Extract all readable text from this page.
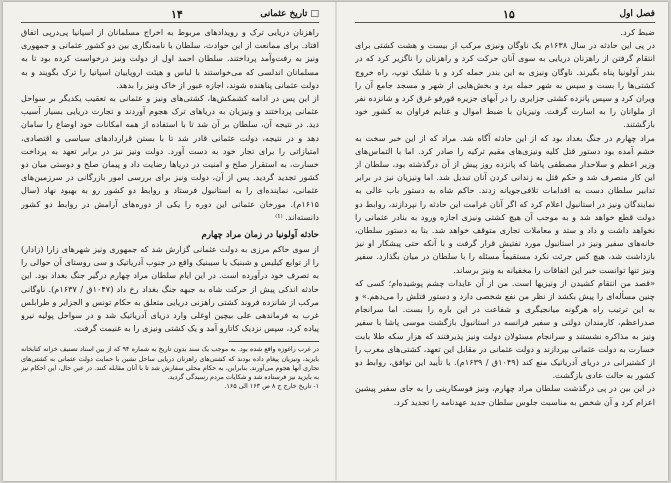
۱۴	□ تاریخ عثمانی

راهزنان دریایی ترک و رویدادهای مربوط به اخراج مسلمانان از اسپانیا پی‌در‌پی اتفاق افتاد. برای ممانعت از این حوادث، سلطان با نامه‌نگاری بین دو کشور عثمانی و جمهوری ونیز به رفت‌وآمد پرداختند. سلطان احمد اول از دولت ونیز درخواست کرده بود تا به مسلمانان اندلسی که می‌خواستند با لباس و هیئت اروپاییان اسپانیا را ترک بگویند و به دولت عثمانی پناهنده شوند، اجازه عبور از خاک ونیز را بدهد.

از این پس در ادامه کشمکش‌ها، کشتی‌های ونیز و عثمانی به تعقیب یکدیگر بر سواحل عثمانی پرداختند و ونیزیان به دریاهای ترک هجوم آوردند و تجارت دریایی بسیار آسیب دید. در نتیجه آن، سلطان بر آن شد تا با استفاده از همه امکانات خود اوضاع را سامان دهد و در نتیجه، دولت عثمانی قادر شد تا با بستن قراردادهای سیاسی و اقتصادی، امتیازاتی را برای تجار خود به دست آورد. دولت ونیز نیز در برابر تعهد به پرداخت خسارت، به استقرار صلح و امنیت در دریاها رضایت داد و پیمان صلح و دوستی میان دو کشور تجدید گردید. پس از آن، دولت ونیز برای بررسی امور بازرگانی در سرزمین‌های عثمانی، نماینده‌ای را به استانبول فرستاد و روابط دو کشور رو به بهبود نهاد (سال ۱۶۱۵م). مورخان عثمانی این دوره را یکی از دوره‌های آرامش در روابط دو کشور دانسته‌اند. ⁽¹⁾

حادثه آولونیا در زمان مراد چهارم

از سوی حاکم مرزی به دولت عثمانی گزارش شد که جمهوری ونیز شهرهای زارا (زادار) را از توابع کیلیس و شبنیک یا سیبنیک واقع در جنوب آدریاتیک و سی روستای آن حوالی را به تصرف خود درآورده است. در این ایام سلطان مراد چهارم درگیر جنگ بغداد بود. این حادثه اندکی پیش از حرکت شاه به جبهه جنگ بغداد رخ داد (۱۰۴۷ق / ۱۶۳۷م). ناوگانی مرکب از شانزده فروند کشتی راهزنی دریایی متعلق به حکام تونس و الجزایر و طرابلس غرب به فرماندهی علی بیچین اوغلی وارد دریای آدریاتیک شد و در سواحل پولیه نیرو پیاده کرد، سپس نزدیک کاتارو آمد و یک کشتی ونیزی را به غنیمت گرفت.

در غرب راغوزه واقع شده بود. به موجب یک سند بدون تاریخ به شماره ۹۴ که از بین اسناد تصنیف خزانه کتابخانه بایزید، ونیزیان پیغام داده بودند که کشتی‌های راهزنان دریایی ساحل نشین با حمایت دولت عثمانی به کشتی‌های تجاری آنها هجوم می‌آورند. بنابراین، به حکام محلی سفارش شد تا با آنان مقابله کنند. در عین حال، این احکام نیز به بایزید نیز فرستاده شد و شکایات مردم رسیدگی گردید.

۱- تاریخ خارج ج ۸ ص ۱۶۳ الی ۱۶۵.

۱۵	فصل اول

ضبط کرد.

در پی این حادثه در سال ۱۶۳۸م یک ناوگان ونیزی مرکب از بیست و هشت کشتی برای انتقام گرفتن از راهزنان دریایی به سوی آنان حرکت کرد و راهزنان را ناگزیر کرد که در بندر آولونیا پناه بگیرند. ناوگان ونیزی به این بندر حمله کرد و با شلیک توپ، راه خروج کشتی‌ها را بست و سپس به شهر حمله برد و بخش‌هایی از شهر و مسجد جامع آن را ویران کرد و سپس پانزده کشتی جزایری را در آبهای جزیره قورفو غرق کرد و شانزده نفر از ملوانان را به اسارت گرفت. ونیزیان با ضبط اموال و غنایم فراوان به کشور خود بازگشتند.

مراد چهارم در جنگ بغداد بود که از این حادثه آگاه شد. مراد که از این خبر سخت به خشم آمده بود دستور قتل کلیه ونیزی‌های مقیم ترکیه را صادر کرد. اما با التماس‌های وزیر اعظم و سلاحدار مصطفی پاشا که پانزده روز پیش از آن درگذشته بود، سلطان از این کار منصرف شد و حکم قتل به زندانی کردن آنان تبدیل شد. اما ونیزیان نیز در برابر تدابیر سلطان دست به اقدامات تلافی‌جویانه زدند. حاکم شاه به دستور باب عالی به نمایندگان ونیز در استانبول اعلام کرد که اگر آنان غرامت این حادثه را نپردازند، روابط دو دولت قطع خواهد شد و به موجب آن هیچ کشتی ونیزی اجازه ورود به بنادر عثمانی را نخواهد داشت و داد و ستد و معاملات تجاری متوقف خواهد شد. بنا به دستور سلطان، خانه‌های سفیر ونیز در استانبول مورد تفتیش قرار گرفت و با آنکه حتی پیشکار او نیز بازداشت شد، هیچ کس جرئت نکرد مستقیماً مسئله را با سلطان در میان بگذارد. سفیر ونیز تنها توانست خبر این اتفاقات را مخفیانه به ونیز برساند.

«قصد من انتقام کشیدن از ونیزیها است. من از آن عایدات چشم پوشیده‌ام؛ کسی که چنین مسأله‌ای را پیش بکشد از نظر من نفع شخصی دارد و دستور قتلش را می‌دهم.» و به این ترتیب راه هرگونه میانجیگری و شفاعت در این باره را بست. اما سرانجام صدراعظم، کارمندان دولتی و سفیر فرانسه در استانبول بازگشت موسی پاشا با سفیر ونیز به مذاکره نشستند و سرانجام مسئولان دولت ونیز پذیرفتند که هزار سکه طلا بابت خسارت به دولت عثمانی بپردازند و دولت عثمانی در مقابل این تعهد، کشتی‌های مغرب را از کشتیرانی در دریای آدریاتیک منع کند (۱۰۴۹ق / ۱۶۳۹م). با تأیید این توافق، روابط دو کشور به حالت عادی بازگشت.

در این بین در پی درگذشت سلطان مراد چهارم، ونیز فوسکارینی را به جای سفیر پیشین اعزام کرد و آن شخص به مناسبت جلوس سلطان جدید عهدنامه را تجدید کرد.
